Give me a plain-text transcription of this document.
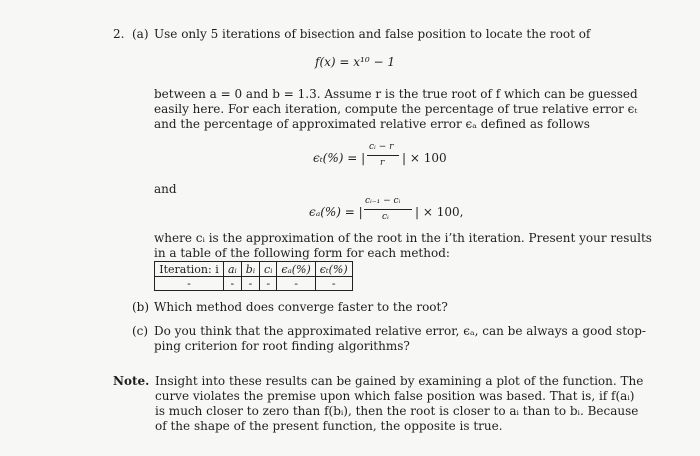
2. (a) Use only 5 iterations of bisection and false position to locate the root of
f(x) = x¹⁰ − 1
between a = 0 and b = 1.3. Assume r is the true root of f which can be guessed
easily here. For each iteration, compute the percentage of true relative error ϵₜ
and the percentage of approximated relative error ϵₐ defined as follows
ϵₜ(%) = |
cᵢ − r
r | × 100
and
ϵₐ(%) = |
cᵢ₋₁ − cᵢ
cᵢ | × 100,
where cᵢ is the approximation of the root in the i’th iteration. Present your results
in a table of the following form for each method:
Iteration: i	aᵢ	bᵢ	cᵢ	ϵₐ(%)	ϵₜ(%)
-	-	-	-	-	-
(b) Which method does converge faster to the root?
(c) Do you think that the approximated relative error, ϵₐ, can be always a good stop-
ping criterion for root finding algorithms?
Note. Insight into these results can be gained by examining a plot of the function. The
curve violates the premise upon which false position was based. That is, if f(aᵢ)
is much closer to zero than f(bᵢ), then the root is closer to aᵢ than to bᵢ. Because
of the shape of the present function, the opposite is true.
